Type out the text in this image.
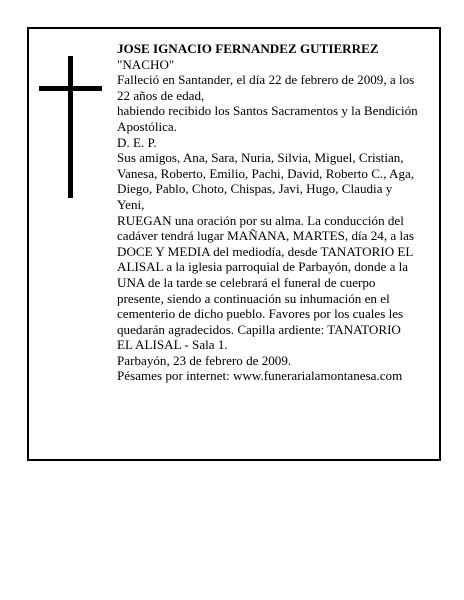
JOSE IGNACIO FERNANDEZ GUTIERREZ

"NACHO"

Falleció en Santander, el día 22 de febrero de 2009, a los 22 años de edad,

habiendo recibido los Santos Sacramentos y la Bendición Apostólica.

D. E. P.

Sus amigos, Ana, Sara, Nuria, Silvia, Miguel, Cristian, Vanesa, Roberto, Emilio, Pachi, David, Roberto C., Aga, Diego, Pablo, Choto, Chispas, Javi, Hugo, Claudia y Yeni,

RUEGAN una oración por su alma. La conducción del cadáver tendrá lugar MAÑANA, MARTES, día 24, a las DOCE Y MEDIA del mediodía, desde TANATORIO EL ALISAL a la iglesia parroquial de Parbayón, donde a la UNA de la tarde se celebrará el funeral de cuerpo presente, siendo a continuación su inhumación en el cementerio de dicho pueblo. Favores por los cuales les quedarán agradecidos. Capilla ardiente: TANATORIO EL ALISAL - Sala 1.

Parbayón, 23 de febrero de 2009.

Pésames por internet: www.funerarialamontanesa.com
